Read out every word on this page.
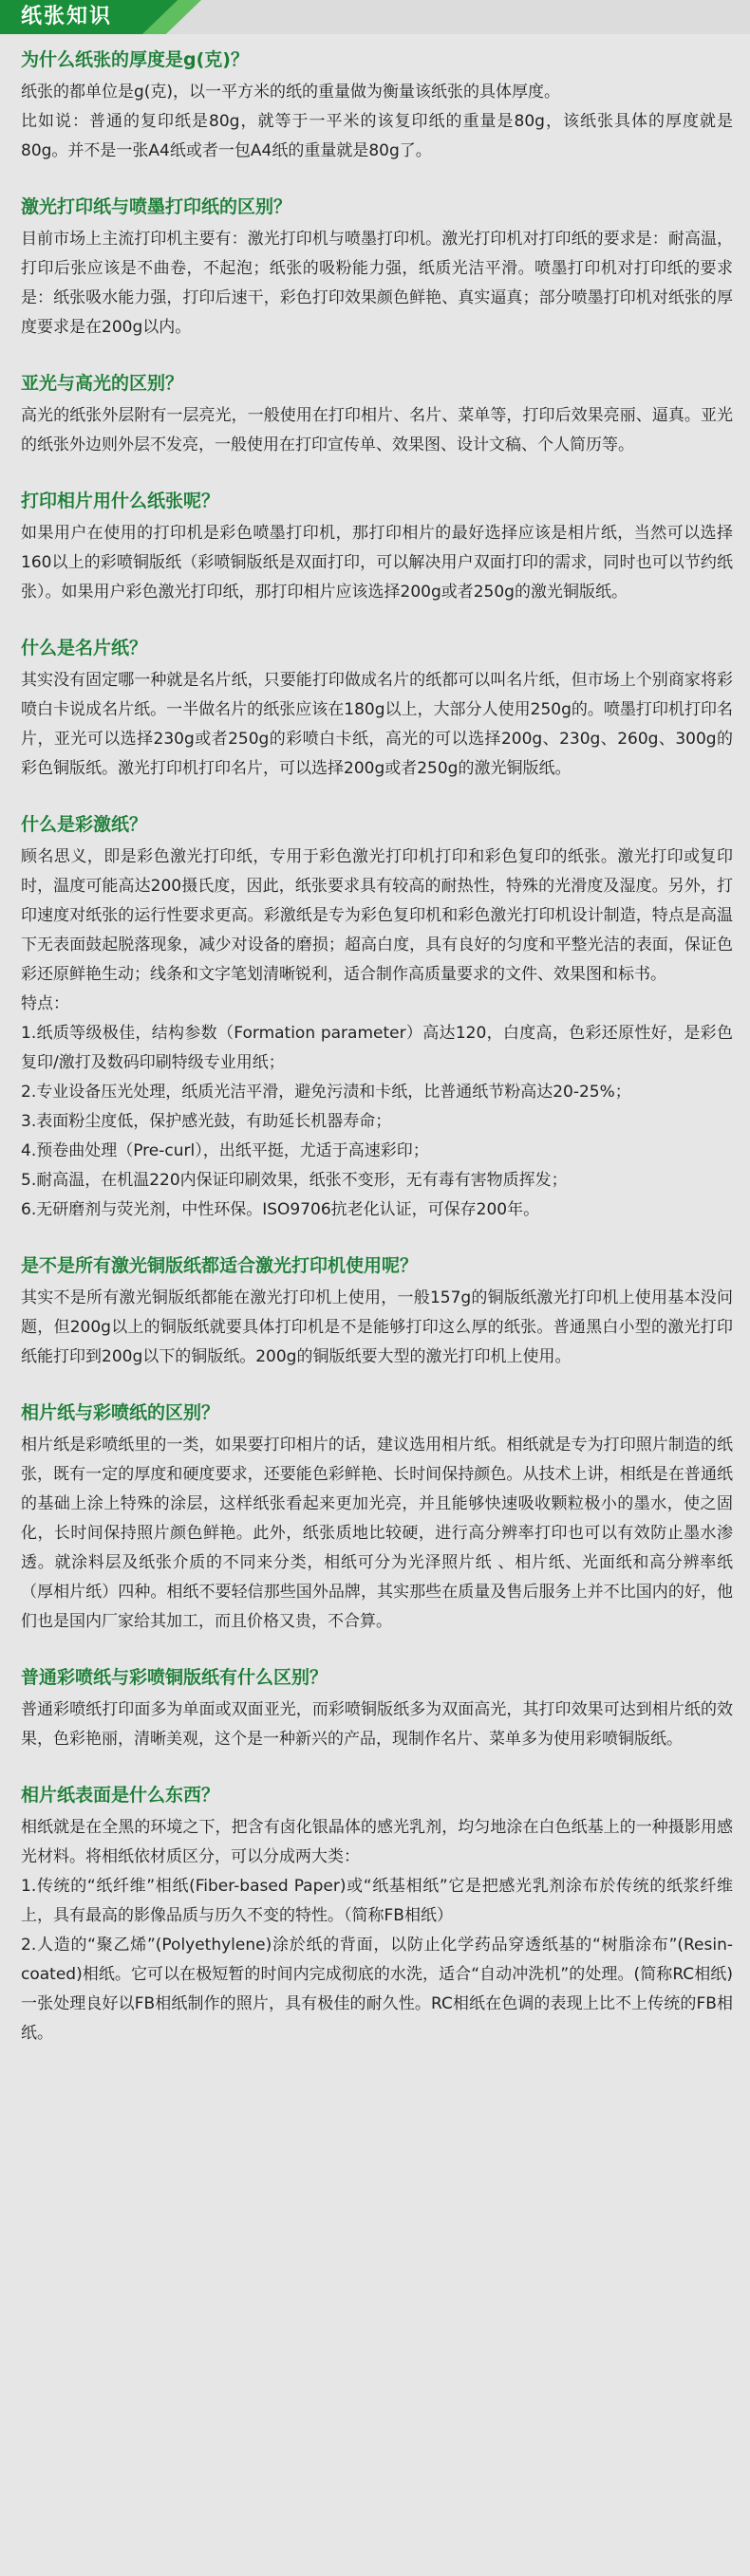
纸张知识
为什么纸张的厚度是g(克)？

纸张的都单位是g(克)，以一平方米的纸的重量做为衡量该纸张的具体厚度。

比如说：普通的复印纸是80g，就等于一平米的该复印纸的重量是80g，该纸张具体的厚度就是80g。并不是一张A4纸或者一包A4纸的重量就是80g了。

激光打印纸与喷墨打印纸的区别？

目前市场上主流打印机主要有：激光打印机与喷墨打印机。激光打印机对打印纸的要求是：耐高温，打印后张应该是不曲卷，不起泡；纸张的吸粉能力强，纸质光洁平滑。喷墨打印机对打印纸的要求是：纸张吸水能力强，打印后速干，彩色打印效果颜色鲜艳、真实逼真；部分喷墨打印机对纸张的厚度要求是在200g以内。

亚光与高光的区别？

高光的纸张外层附有一层亮光，一般使用在打印相片、名片、菜单等，打印后效果亮丽、逼真。亚光的纸张外边则外层不发亮，一般使用在打印宣传单、效果图、设计文稿、个人简历等。

打印相片用什么纸张呢？

如果用户在使用的打印机是彩色喷墨打印机，那打印相片的最好选择应该是相片纸，当然可以选择160以上的彩喷铜版纸（彩喷铜版纸是双面打印，可以解决用户双面打印的需求，同时也可以节约纸张）。如果用户彩色激光打印纸，那打印相片应该选择200g或者250g的激光铜版纸。

什么是名片纸？

其实没有固定哪一种就是名片纸，只要能打印做成名片的纸都可以叫名片纸，但市场上个别商家将彩喷白卡说成名片纸。一半做名片的纸张应该在180g以上，大部分人使用250g的。喷墨打印机打印名片，亚光可以选择230g或者250g的彩喷白卡纸，高光的可以选择200g、230g、260g、300g的彩色铜版纸。激光打印机打印名片，可以选择200g或者250g的激光铜版纸。

什么是彩激纸？

顾名思义，即是彩色激光打印纸，专用于彩色激光打印机打印和彩色复印的纸张。激光打印或复印时，温度可能高达200摄氏度，因此，纸张要求具有较高的耐热性，特殊的光滑度及湿度。另外，打印速度对纸张的运行性要求更高。彩激纸是专为彩色复印机和彩色激光打印机设计制造，特点是高温下无表面鼓起脱落现象，减少对设备的磨损；超高白度，具有良好的匀度和平整光洁的表面，保证色彩还原鲜艳生动；线条和文字笔划清晰锐利，适合制作高质量要求的文件、效果图和标书。

特点：

1.纸质等级极佳，结构参数（Formation parameter）高达120，白度高，色彩还原性好，是彩色复印/激打及数码印刷特级专业用纸；

2.专业设备压光处理，纸质光洁平滑，避免污渍和卡纸，比普通纸节粉高达20-25%；

3.表面粉尘度低，保护感光鼓，有助延长机器寿命；

4.预卷曲处理（Pre-curl），出纸平挺，尤适于高速彩印；

5.耐高温，在机温220内保证印刷效果，纸张不变形，无有毒有害物质挥发；

6.无研磨剂与荧光剂，中性环保。ISO9706抗老化认证，可保存200年。

是不是所有激光铜版纸都适合激光打印机使用呢？

其实不是所有激光铜版纸都能在激光打印机上使用，一般157g的铜版纸激光打印机上使用基本没问题，但200g以上的铜版纸就要具体打印机是不是能够打印这么厚的纸张。普通黑白小型的激光打印纸能打印到200g以下的铜版纸。200g的铜版纸要大型的激光打印机上使用。

相片纸与彩喷纸的区别？

相片纸是彩喷纸里的一类，如果要打印相片的话，建议选用相片纸。相纸就是专为打印照片制造的纸张，既有一定的厚度和硬度要求，还要能色彩鲜艳、长时间保持颜色。从技术上讲，相纸是在普通纸的基础上涂上特殊的涂层，这样纸张看起来更加光亮，并且能够快速吸收颗粒极小的墨水，使之固化，长时间保持照片颜色鲜艳。此外，纸张质地比较硬，进行高分辨率打印也可以有效防止墨水渗透。就涂料层及纸张介质的不同来分类，相纸可分为光泽照片纸 、相片纸、光面纸和高分辨率纸（厚相片纸）四种。相纸不要轻信那些国外品牌，其实那些在质量及售后服务上并不比国内的好，他们也是国内厂家给其加工，而且价格又贵，不合算。

普通彩喷纸与彩喷铜版纸有什么区别？

普通彩喷纸打印面多为单面或双面亚光，而彩喷铜版纸多为双面高光，其打印效果可达到相片纸的效果，色彩艳丽，清晰美观，这个是一种新兴的产品，现制作名片、菜单多为使用彩喷铜版纸。

相片纸表面是什么东西？

相纸就是在全黑的环境之下，把含有卤化银晶体的感光乳剂，均匀地涂在白色纸基上的一种摄影用感光材料。将相纸依材质区分，可以分成两大类：

1.传统的“纸纤维”相纸(Fiber-based Paper)或“纸基相纸”它是把感光乳剂涂布於传统的纸浆纤维上，具有最高的影像品质与历久不变的特性。（简称FB相纸）

2.人造的“聚乙烯”(Polyethylene)涂於纸的背面，以防止化学药品穿透纸基的“树脂涂布”(Resin-coated)相纸。它可以在极短暂的时间内完成彻底的水洗，适合“自动冲洗机”的处理。(简称RC相纸)一张处理良好以FB相纸制作的照片，具有极佳的耐久性。RC相纸在色调的表现上比不上传统的FB相纸。
